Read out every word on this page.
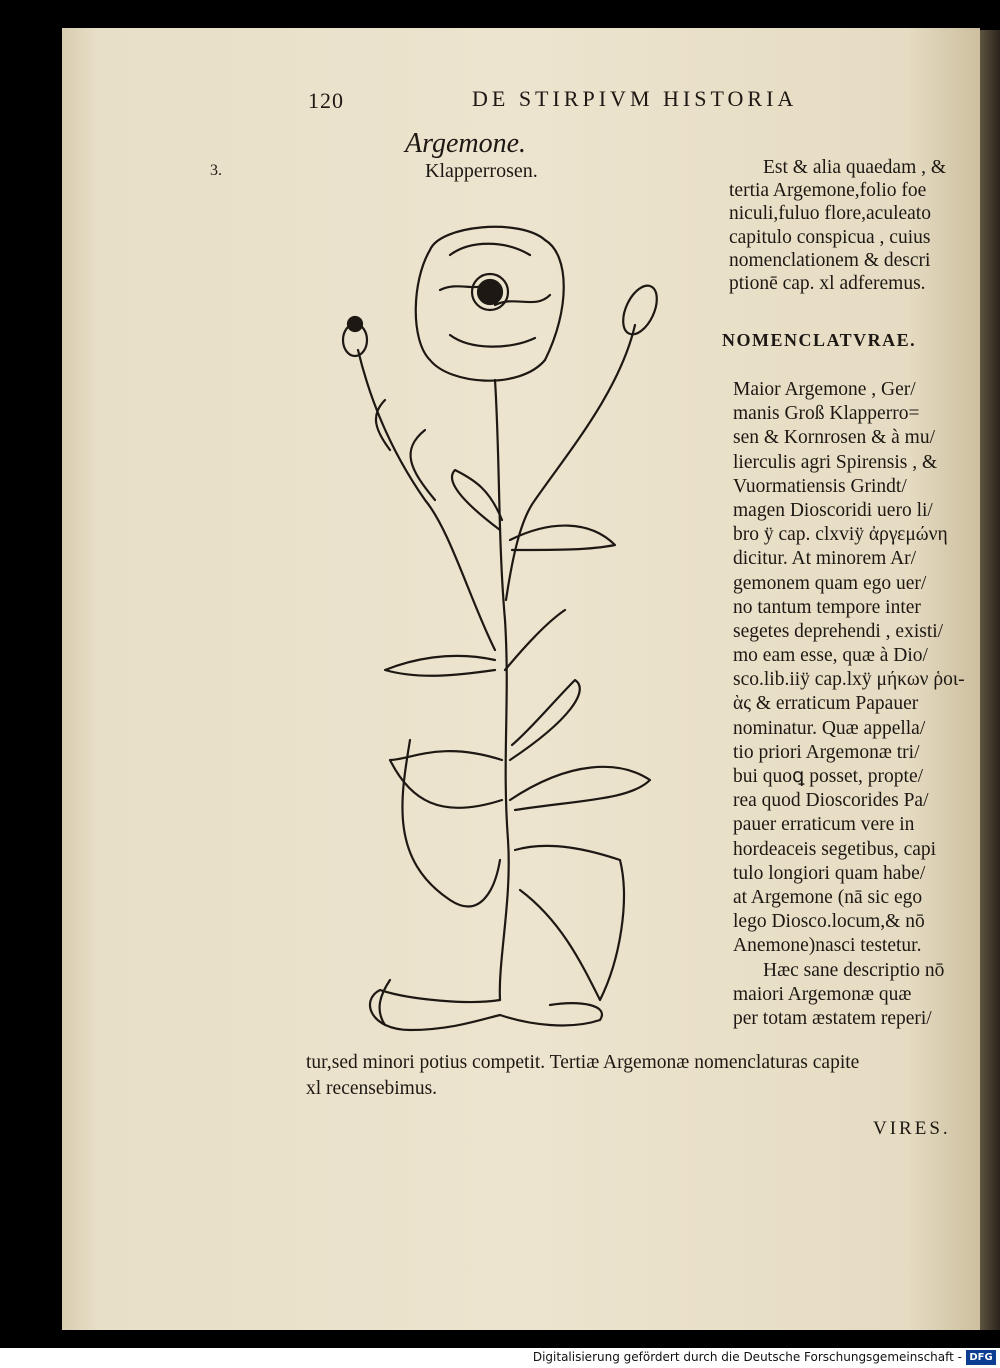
120	DE STIRPIVM HISTORIA
Argemone.
Klapperrosen.
3.	Est & alia quaedam , &
tertia Argemone,folio foe
niculi,fuluo flore,aculeato
capitulo conspicua , cuius
nomenclationem & descri
ptionē cap. xl adferemus.
NOMENCLATVRAE.
Maior Argemone , Ger/
manis Groß Klapperro=
sen & Kornrosen & à mu/
lierculis agri Spirensis , &
Vuormatiensis Grindt/
magen Dioscoridi uero li/
bro ÿ cap. clxviÿ ἀργεμώνη
dicitur. At minorem Ar/
gemonem quam ego uer/
no tantum tempore inter
segetes deprehendi , existi/
mo eam esse, quæ à Dio/
sco.lib.iiÿ cap.lxÿ μήκων ῥοι-
ὰς & erraticum Papauer
nominatur. Quæ appella/
tio priori Argemonæ tri/
bui quoꝗ posset, propte/
rea quod Dioscorides Pa/
pauer erraticum vere in
hordeaceis segetibus, capi
tulo longiori quam habe/
at Argemone (nā sic ego
lego Diosco.locum,& nō
Anemone)nasci testetur.
Hæc sane descriptio nō
maiori Argemonæ quæ
per totam æstatem reperi/
tur,sed minori potius competit. Tertiæ Argemonæ nomenclaturas capite
xl recensebimus.
VIRES.
Digitalisierung gefördert durch die Deutsche Forschungsgemeinschaft - DFG
